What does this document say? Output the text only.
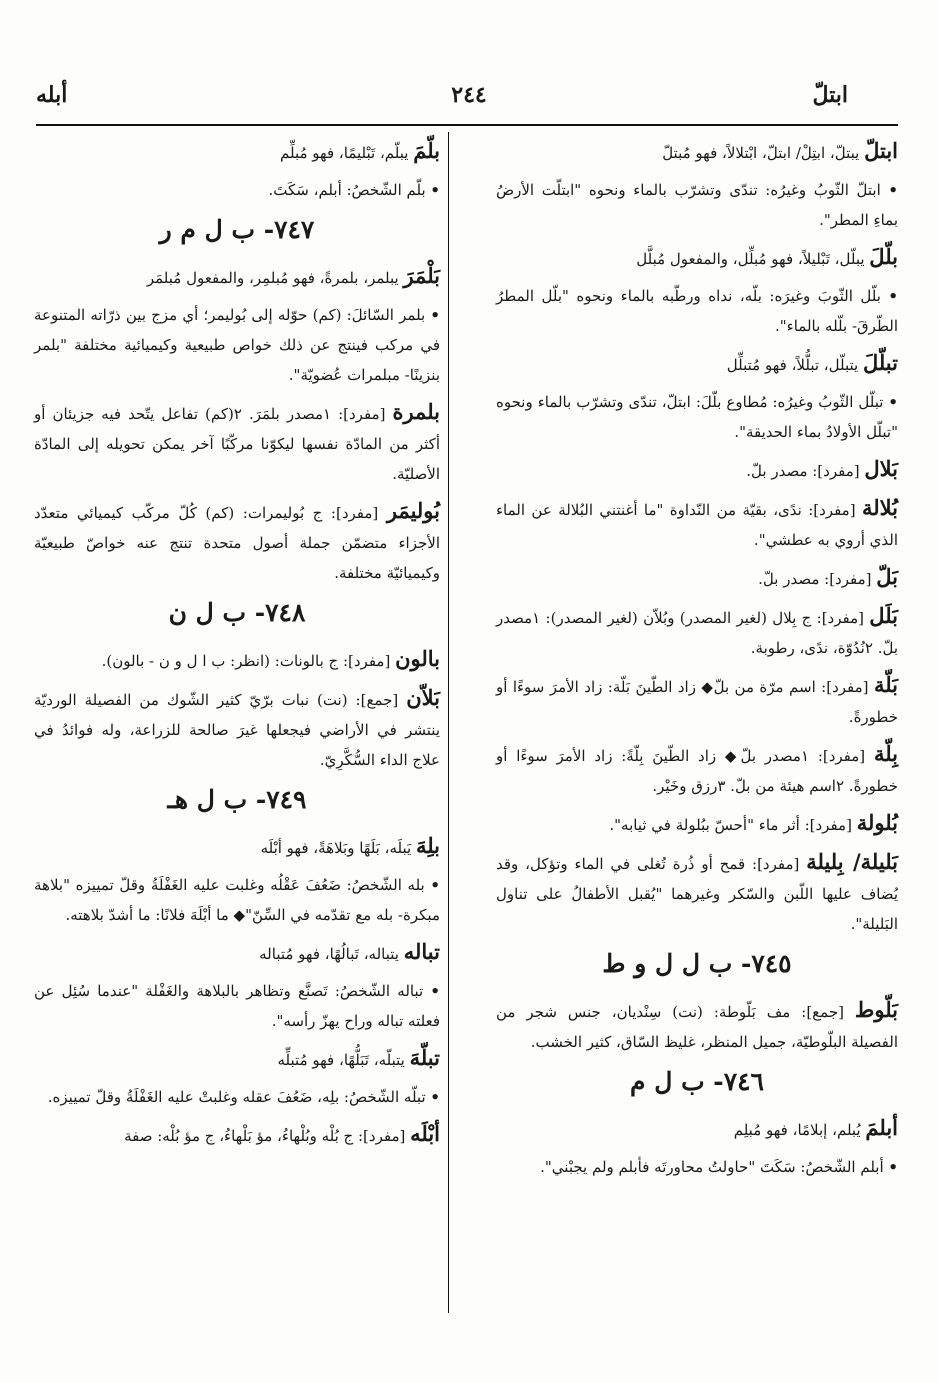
ابتلّ
٢٤٤
أبله
ابتلّ يبتلّ، ابتِلْ/ ابتلّ، ابْتلالاً، فهو مُبتلّ
• ابتلّ الثّوبُ وغيرُه: تندّى وتشرّب بالماء ونحوه "ابتلّت الأرضُ بماءِ المطر".
بلّلَ يبلّل، تَبْليلاً، فهو مُبلِّل، والمفعول مُبلَّل
• بلّل الثّوبَ وغيرَه: بلّه، نداه ورطّبه بالماء ونحوه "بلّل المطرُ الطّرقَ- بلّله بالماء".
تبلّلَ يتبلّل، تبلُّلاً، فهو مُتبلِّل
• تبلّل الثّوبُ وغيرُه: مُطاوع بلّلَ: ابتلّ، تندّى وتشرّب بالماء ونحوه "تبلّل الأولادُ بماء الحديقة".
بَلال [مفرد]: مصدر بلّ.
بُلالة [مفرد]: ندًى، بقيّة من النّداوة "ما أغنتني البُلالة عن الماء الذي أروي به عطشي".
بَلّ [مفرد]: مصدر بلّ.
بَلَل [مفرد]: ج بِلال (لغير المصدر) وبُلاّن (لغير المصدر): ١مصدر بلّ. ٢نُدُوّة، ندًى، رطوبة.
بَلّة [مفرد]: اسم مرّة من بلّ◆ زاد الطّينَ بَلّة: زاد الأمرَ سوءًا أو خطورةً.
بِلّة [مفرد]: ١مصدر بلّ◆ زاد الطّينَ بِلّةً: زاد الأمرَ سوءًا أو خطورةً. ٢اسم هيئة من بلّ. ٣رزق وخَيْر.
بُلولة [مفرد]: أثر ماء "أحسّ ببُلولة في ثيابه".
بَليلة/ بِليلة [مفرد]: قمح أو ذُرة تُغلى في الماء وتؤكل، وقد يُضاف عليها اللّبن والسّكر وغيرهما "يُقبل الأطفالُ على تناول البَليلة".
٧٤٥- ب ل ل و ط
بَلّوط [جمع]: مف بَلّوطة: (نت) سِنْديان، جنس شجر من الفصيلة البلّوطيّة، جميل المنظر، غليظ السّاق، كثير الخشب.
٧٤٦- ب ل م
أبلمَ يُبلم، إبلامًا، فهو مُبلِم
• أبلم الشّخصُ: سَكَتَ "حاولتُ محاورتَه فأبلم ولم يجبْني".
بلّمَ يبلّم، تَبْليمًا، فهو مُبلِّم
• بلّم الشّخصُ: أبلم، سَكَتَ.
٧٤٧- ب ل م ر
بَلْمَرَ يبلمر، بلمرةً، فهو مُبلمِر، والمفعول مُبلمَر
• بلمر السّائلَ: (كم) حوّله إلى بُوليمر؛ أي مزج بين ذرّاته المتنوعة في مركب فينتج عن ذلك خواص طبيعية وكيميائية مختلفة "بلمر بنزينًا- مبلمرات عُضويّة".
بلمرة [مفرد]: ١مصدر بلمَرَ. ٢(كم) تفاعل يتّحد فيه جزيئان أو أكثر من المادّة نفسها ليكوّنا مركّبًا آخر يمكن تحويله إلى المادّة الأصليّة.
بُوليمَر [مفرد]: ج بُوليمرات: (كم) كُلّ مركّب كيميائي متعدّد الأجزاء متضمّن جملة أصول متحدة تنتج عنه خواصّ طبيعيّة وكيميائيّة مختلفة.
٧٤٨- ب ل ن
بالون [مفرد]: ج بالونات: (انظر: ب ا ل و ن - بالون).
بَلاّن [جمع]: (نت) نبات برّيّ كثير الشّوك من الفصيلة الورديّة ينتشر في الأراضي فيجعلها غيرَ صالحة للزراعة، وله فوائدُ في علاج الداء السُّكَّرِيّ.
٧٤٩- ب ل هـ
بلِهَ يَبلَه، بَلَهًا وبَلاهَةً، فهو أبْلَه
• بله الشّخصُ: ضَعُفَ عَقْلُه وغلبت عليه الغَفْلَةُ وقلّ تمييزه "بلاهة مبكرة- بله مع تقدّمه في السِّنّ"◆ ما أبْلَهَ فلانًا: ما أشدّ بلاهته.
تباله يتباله، تَبالُهًا، فهو مُتباله
• تباله الشّخصُ: تَصنَّع وتظاهر بالبلاهة والغَفْلة "عندما سُئِل عن فعلته تباله وراح يهزّ رأسه".
تبلّهَ يتبلّه، تَبَلُّهًا، فهو مُتبلِّه
• تبلّه الشّخصُ: بلِه، ضَعُفَ عقله وغلبتْ عليه الغَفْلَةُ وقلّ تمييزه.
أبْلَه [مفرد]: ج بُلْه وبُلْهاءُ، مؤ بَلْهاءُ، ج مؤ بُلْه: صفة
